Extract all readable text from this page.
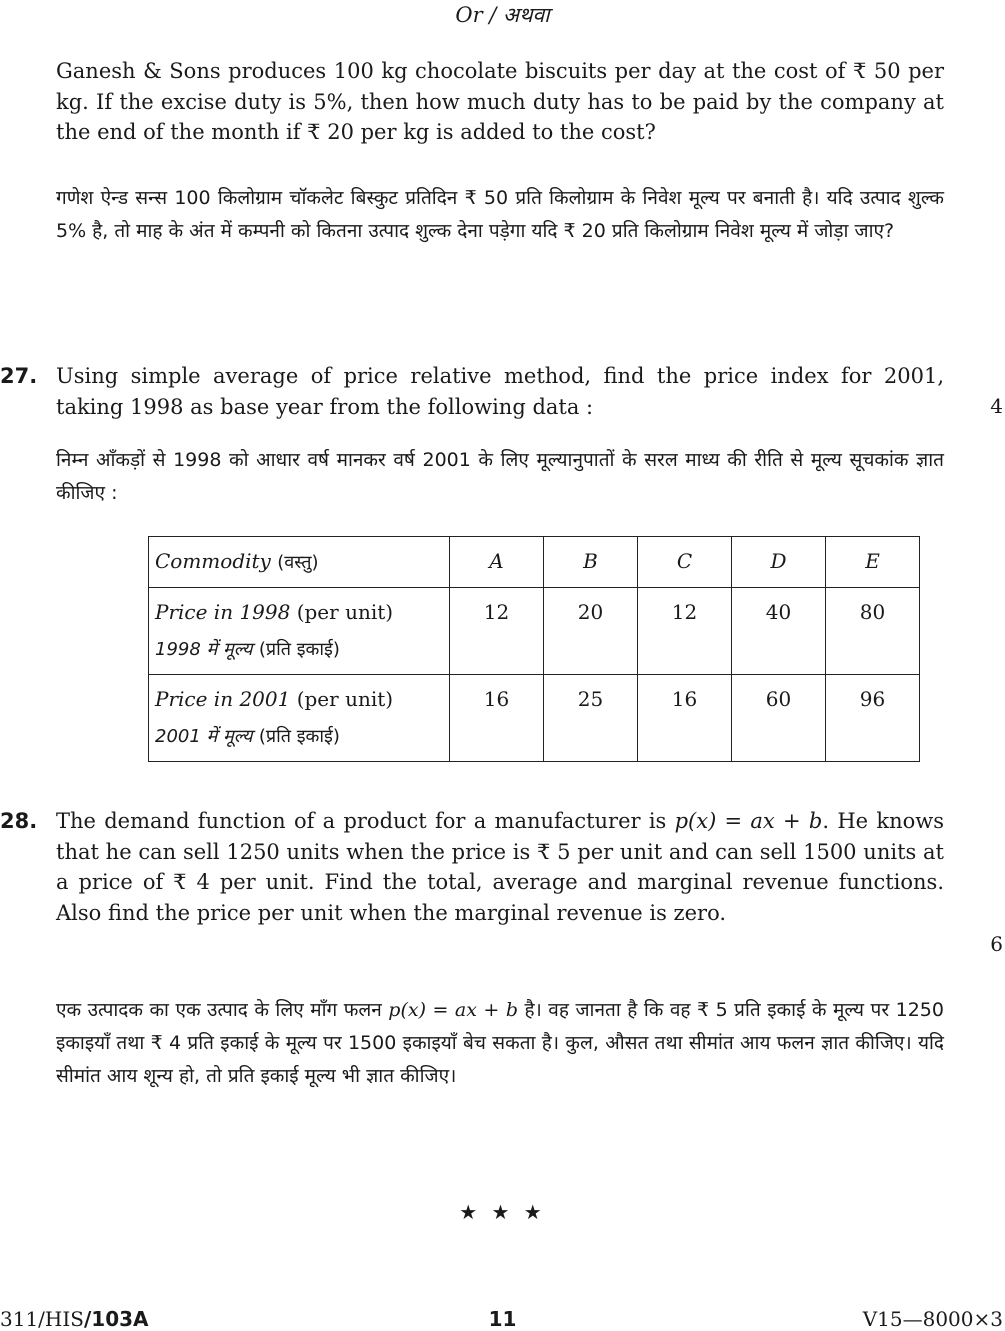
Or / अथवा

Ganesh & Sons produces 100 kg chocolate biscuits per day at the cost of ₹ 50 per kg. If the excise duty is 5%, then how much duty has to be paid by the company at the end of the month if ₹ 20 per kg is added to the cost?

गणेश ऐन्ड सन्स 100 किलोग्राम चॉकलेट बिस्कुट प्रतिदिन ₹ 50 प्रति किलोग्राम के निवेश मूल्य पर बनाती है। यदि उत्पाद शुल्क 5% है, तो माह के अंत में कम्पनी को कितना उत्पाद शुल्क देना पड़ेगा यदि ₹ 20 प्रति किलोग्राम निवेश मूल्य में जोड़ा जाए?

27. Using simple average of price relative method, find the price index for 2001, taking 1998 as base year from the following data :	4

निम्न आँकड़ों से 1998 को आधार वर्ष मानकर वर्ष 2001 के लिए मूल्यानुपातों के सरल माध्य की रीति से मूल्य सूचकांक ज्ञात कीजिए :

Commodity (वस्तु)	A	B	C	D	E
Price in 1998 (per unit)
1998 में मूल्य (प्रति इकाई)	12	20	12	40	80
Price in 2001 (per unit)
2001 में मूल्य (प्रति इकाई)	16	25	16	60	96
28. The demand function of a product for a manufacturer is p(x) = ax + b. He knows that he can sell 1250 units when the price is ₹ 5 per unit and can sell 1500 units at a price of ₹ 4 per unit. Find the total, average and marginal revenue functions. Also find the price per unit when the marginal revenue is zero.

6

एक उत्पादक का एक उत्पाद के लिए माँग फलन p(x) = ax + b है। वह जानता है कि वह ₹ 5 प्रति इकाई के मूल्य पर 1250 इकाइयाँ तथा ₹ 4 प्रति इकाई के मूल्य पर 1500 इकाइयाँ बेच सकता है। कुल, औसत तथा सीमांत आय फलन ज्ञात कीजिए। यदि सीमांत आय शून्य हो, तो प्रति इकाई मूल्य भी ज्ञात कीजिए।

★ ★ ★
311/HIS/103A	11	V15—8000×3
